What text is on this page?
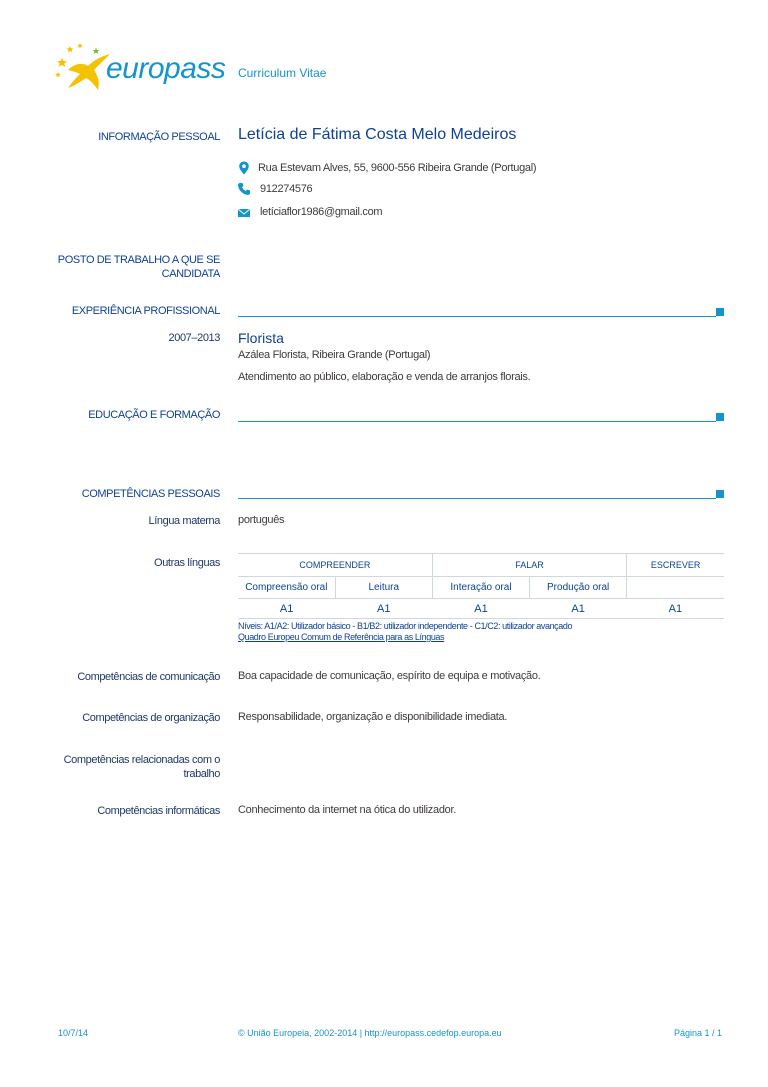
europass Curriculum Vitae
INFORMAÇÃO PESSOAL Letícia de Fátima Costa Melo Medeiros
Rua Estevam Alves, 55, 9600-556 Ribeira Grande (Portugal)
912274576
letíciaflor1986@gmail.com
POSTO DE TRABALHO A QUE SE CANDIDATA
EXPERIÊNCIA PROFISSIONAL
2007–2013 Florista
Azálea Florista, Ribeira Grande (Portugal)
Atendimento ao público, elaboração e venda de arranjos florais.
EDUCAÇÃO E FORMAÇÃO
COMPETÊNCIAS PESSOAIS
Língua materna português
Outras línguas	COMPREENDER		FALAR		ESCREVER
Compreensão oral	Leitura	Interação oral	Produção oral	
A1	A1	A1	A1	A1
Níveis: A1/A2: Utilizador básico - B1/B2: utilizador independente - C1/C2: utilizador avançado
Quadro Europeu Comum de Referência para as Línguas
Competências de comunicação Boa capacidade de comunicação, espírito de equipa e motivação.
Competências de organização Responsabilidade, organização e disponibilidade imediata.
Competências relacionadas com o trabalho
Competências informáticas Conhecimento da internet na ótica do utilizador.
10/7/14	© União Europeia, 2002-2014 | http://europass.cedefop.europa.eu	Página 1 / 1
